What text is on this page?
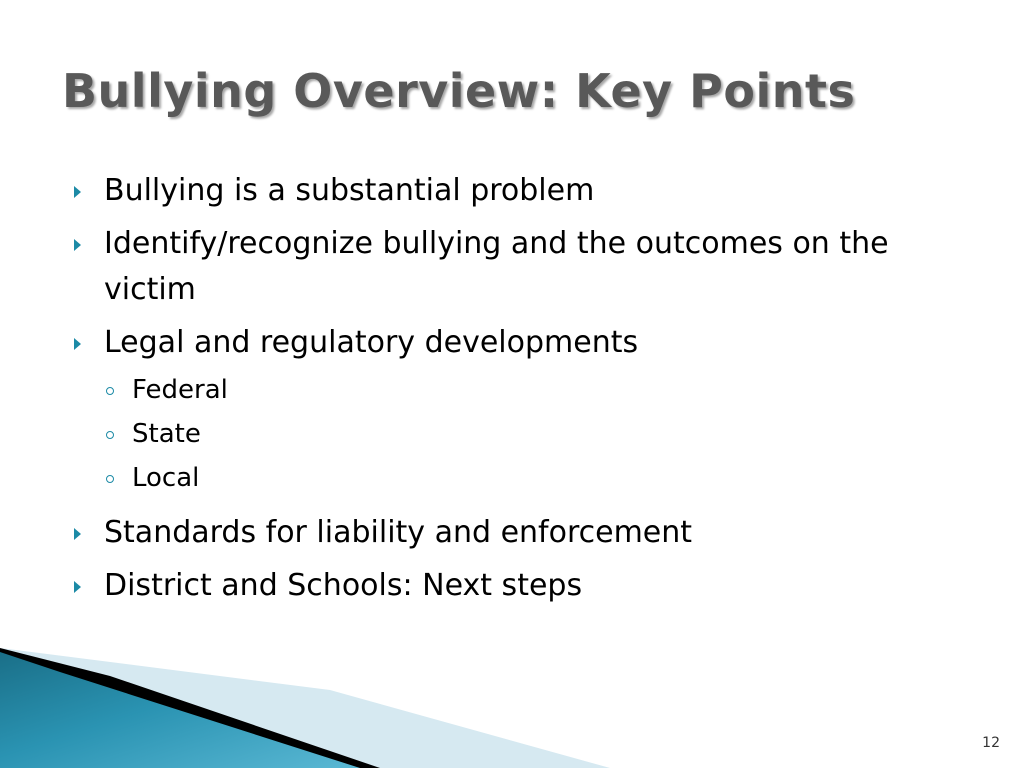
Bullying Overview: Key Points
Bullying is a substantial problem
Identify/recognize bullying and the outcomes on the victim
Legal and regulatory developments
Federal
State
Local
Standards for liability and enforcement
District and Schools: Next steps
12
